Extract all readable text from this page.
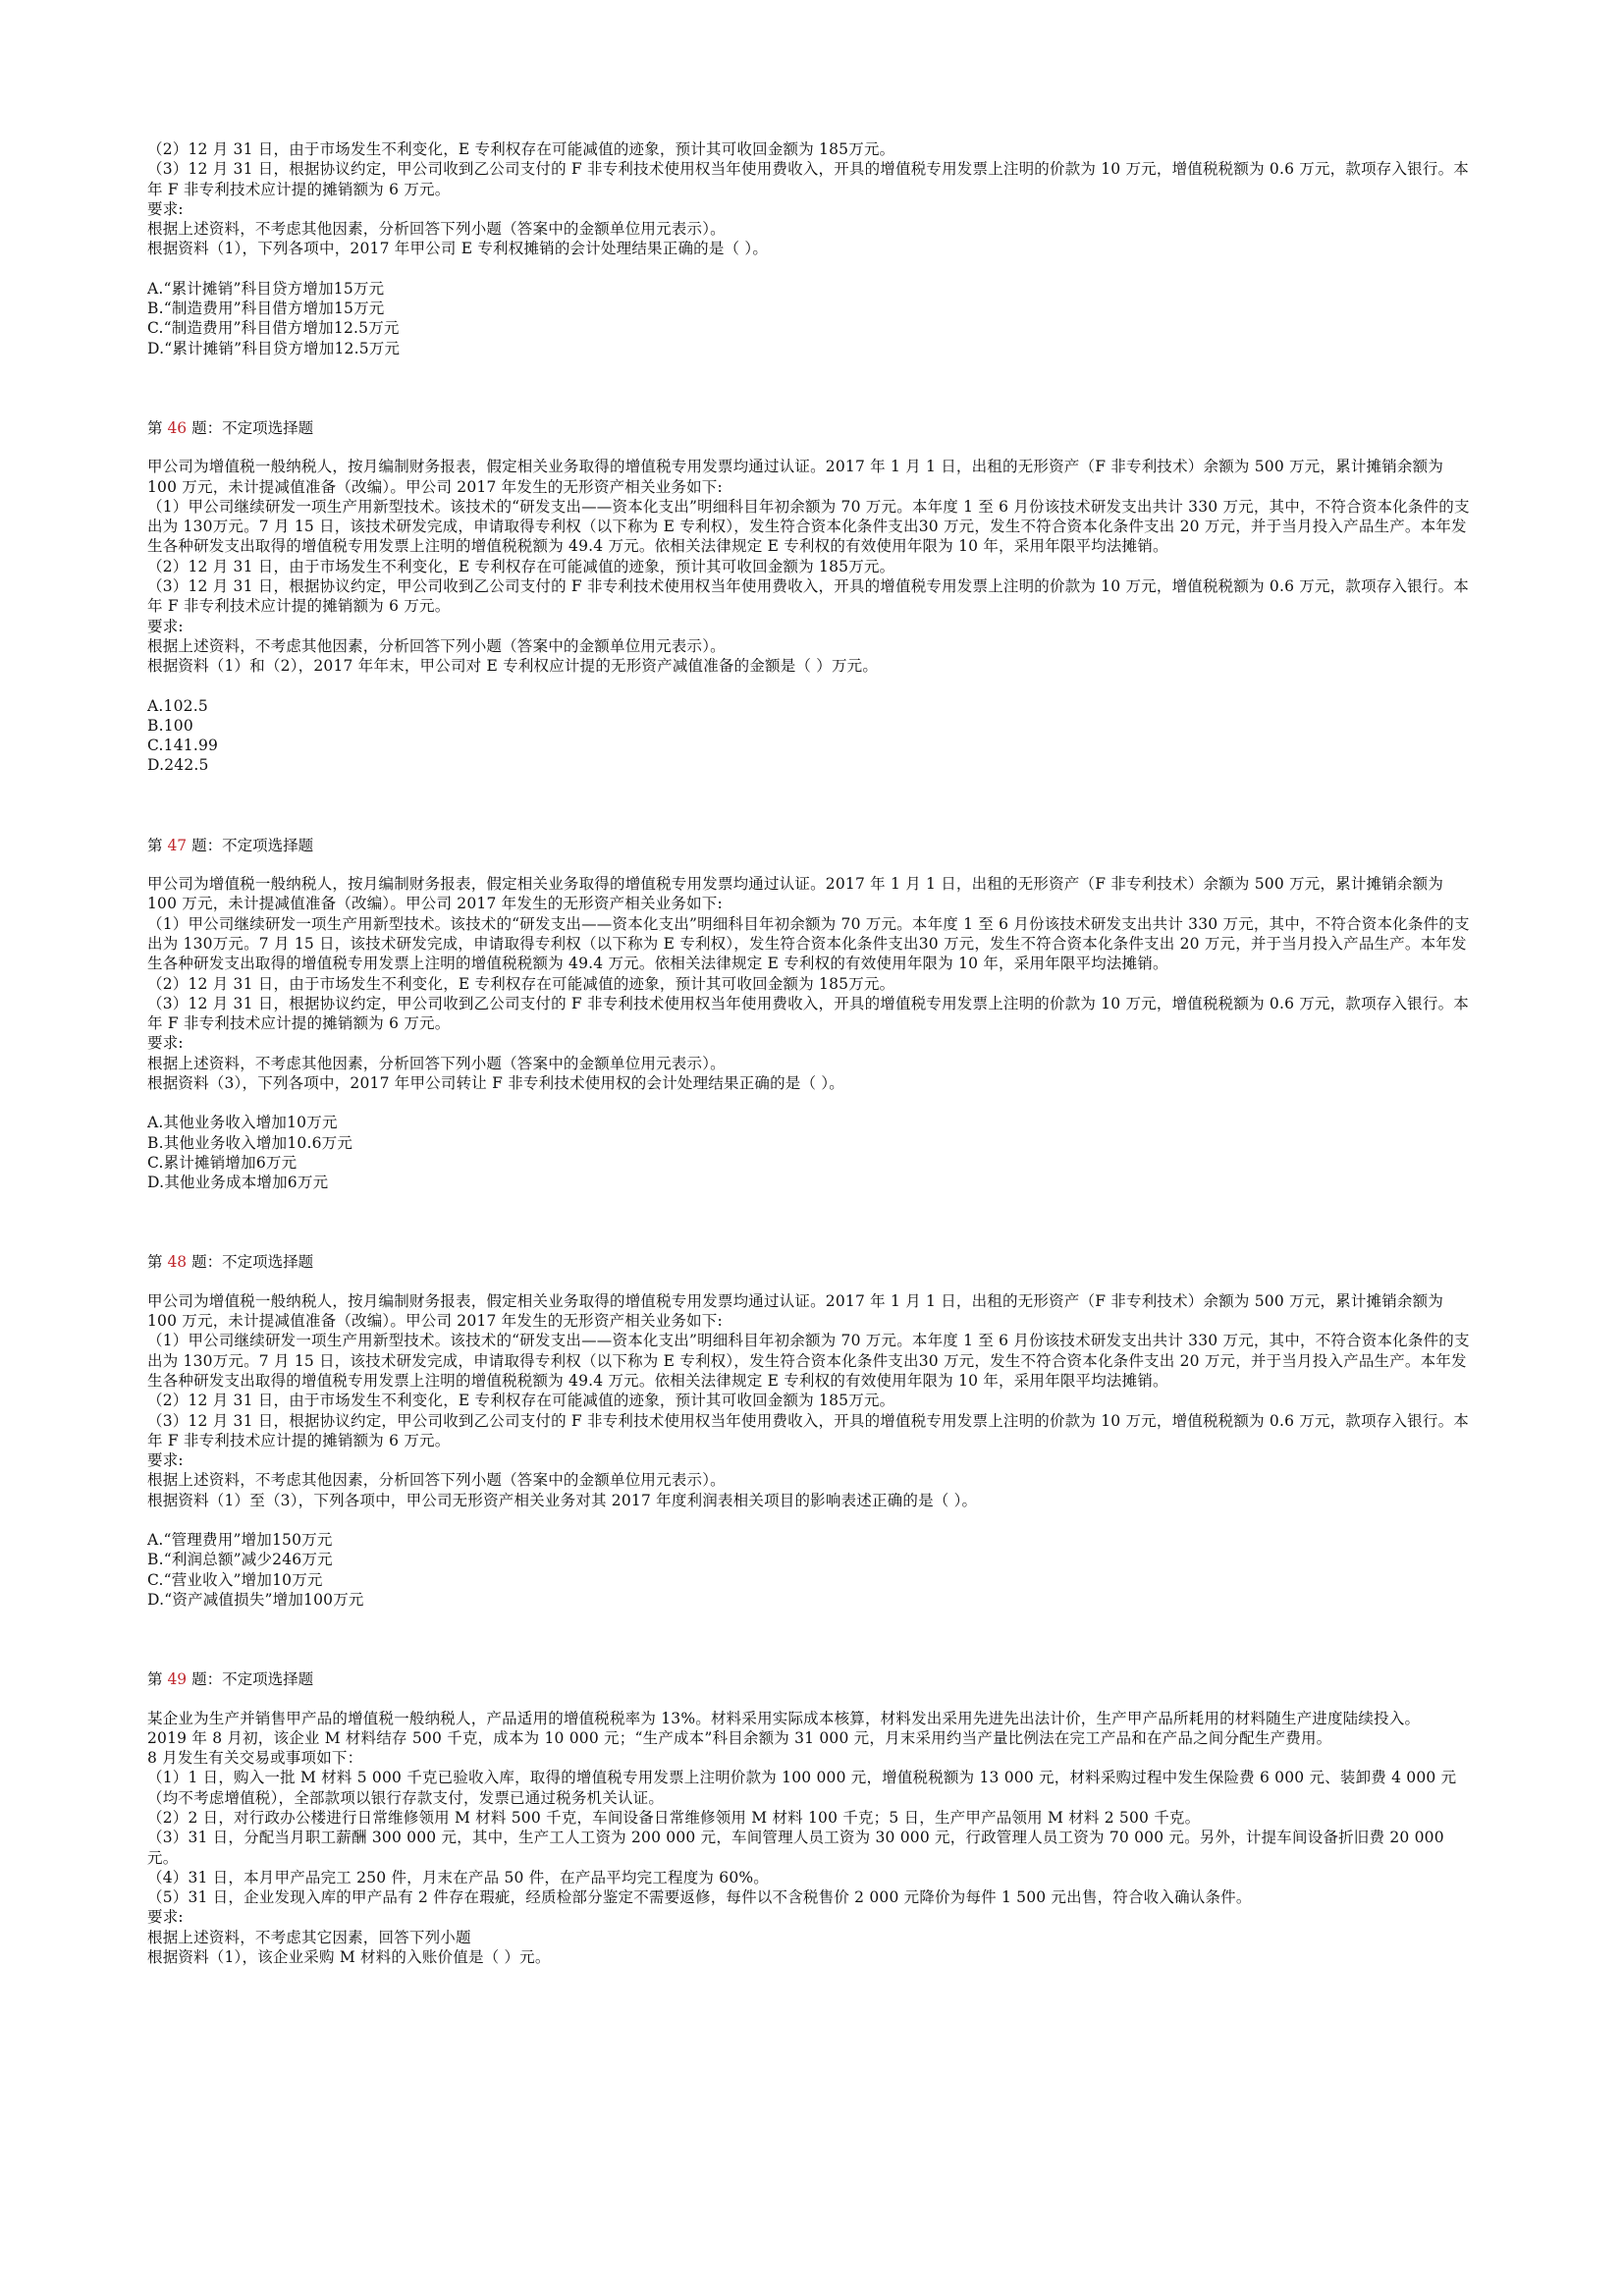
（2）12 月 31 日，由于市场发生不利变化，E 专利权存在可能减值的迹象，预计其可收回金额为 185万元。

（3）12 月 31 日，根据协议约定，甲公司收到乙公司支付的 F 非专利技术使用权当年使用费收入，开具的增值税专用发票上注明的价款为 10 万元，增值税税额为 0.6 万元，款项存入银行。本年 F 非专利技术应计提的摊销额为 6 万元。

要求:

根据上述资料，不考虑其他因素，分析回答下列小题（答案中的金额单位用元表示）。

根据资料（1），下列各项中，2017 年甲公司 E 专利权摊销的会计处理结果正确的是（ ）。

A.“累计摊销”科目贷方增加15万元

B.“制造费用”科目借方增加15万元

C.“制造费用”科目借方增加12.5万元

D.“累计摊销”科目贷方增加12.5万元

第 46 题：不定项选择题

甲公司为增值税一般纳税人，按月编制财务报表，假定相关业务取得的增值税专用发票均通过认证。2017 年 1 月 1 日，出租的无形资产（F 非专利技术）余额为 500 万元，累计摊销余额为 100 万元，未计提减值准备（改编）。甲公司 2017 年发生的无形资产相关业务如下:

（1）甲公司继续研发一项生产用新型技术。该技术的“研发支出——资本化支出”明细科目年初余额为 70 万元。本年度 1 至 6 月份该技术研发支出共计 330 万元，其中，不符合资本化条件的支出为 130万元。7 月 15 日，该技术研发完成，申请取得专利权（以下称为 E 专利权），发生符合资本化条件支出30 万元，发生不符合资本化条件支出 20 万元，并于当月投入产品生产。本年发生各种研发支出取得的增值税专用发票上注明的增值税税额为 49.4 万元。依相关法律规定 E 专利权的有效使用年限为 10 年，采用年限平均法摊销。

（2）12 月 31 日，由于市场发生不利变化，E 专利权存在可能减值的迹象，预计其可收回金额为 185万元。

（3）12 月 31 日，根据协议约定，甲公司收到乙公司支付的 F 非专利技术使用权当年使用费收入，开具的增值税专用发票上注明的价款为 10 万元，增值税税额为 0.6 万元，款项存入银行。本年 F 非专利技术应计提的摊销额为 6 万元。

要求:

根据上述资料，不考虑其他因素，分析回答下列小题（答案中的金额单位用元表示）。

根据资料（1）和（2），2017 年年末，甲公司对 E 专利权应计提的无形资产减值准备的金额是（ ）万元。

A.102.5

B.100

C.141.99

D.242.5

第 47 题：不定项选择题

甲公司为增值税一般纳税人，按月编制财务报表，假定相关业务取得的增值税专用发票均通过认证。2017 年 1 月 1 日，出租的无形资产（F 非专利技术）余额为 500 万元，累计摊销余额为 100 万元，未计提减值准备（改编）。甲公司 2017 年发生的无形资产相关业务如下:

（1）甲公司继续研发一项生产用新型技术。该技术的“研发支出——资本化支出”明细科目年初余额为 70 万元。本年度 1 至 6 月份该技术研发支出共计 330 万元，其中，不符合资本化条件的支出为 130万元。7 月 15 日，该技术研发完成，申请取得专利权（以下称为 E 专利权），发生符合资本化条件支出30 万元，发生不符合资本化条件支出 20 万元，并于当月投入产品生产。本年发生各种研发支出取得的增值税专用发票上注明的增值税税额为 49.4 万元。依相关法律规定 E 专利权的有效使用年限为 10 年，采用年限平均法摊销。

（2）12 月 31 日，由于市场发生不利变化，E 专利权存在可能减值的迹象，预计其可收回金额为 185万元。

（3）12 月 31 日，根据协议约定，甲公司收到乙公司支付的 F 非专利技术使用权当年使用费收入，开具的增值税专用发票上注明的价款为 10 万元，增值税税额为 0.6 万元，款项存入银行。本年 F 非专利技术应计提的摊销额为 6 万元。

要求:

根据上述资料，不考虑其他因素，分析回答下列小题（答案中的金额单位用元表示）。

根据资料（3），下列各项中，2017 年甲公司转让 F 非专利技术使用权的会计处理结果正确的是（ ）。

A.其他业务收入增加10万元

B.其他业务收入增加10.6万元

C.累计摊销增加6万元

D.其他业务成本增加6万元

第 48 题：不定项选择题

甲公司为增值税一般纳税人，按月编制财务报表，假定相关业务取得的增值税专用发票均通过认证。2017 年 1 月 1 日，出租的无形资产（F 非专利技术）余额为 500 万元，累计摊销余额为 100 万元，未计提减值准备（改编）。甲公司 2017 年发生的无形资产相关业务如下:

（1）甲公司继续研发一项生产用新型技术。该技术的“研发支出——资本化支出”明细科目年初余额为 70 万元。本年度 1 至 6 月份该技术研发支出共计 330 万元，其中，不符合资本化条件的支出为 130万元。7 月 15 日，该技术研发完成，申请取得专利权（以下称为 E 专利权），发生符合资本化条件支出30 万元，发生不符合资本化条件支出 20 万元，并于当月投入产品生产。本年发生各种研发支出取得的增值税专用发票上注明的增值税税额为 49.4 万元。依相关法律规定 E 专利权的有效使用年限为 10 年，采用年限平均法摊销。

（2）12 月 31 日，由于市场发生不利变化，E 专利权存在可能减值的迹象，预计其可收回金额为 185万元。

（3）12 月 31 日，根据协议约定，甲公司收到乙公司支付的 F 非专利技术使用权当年使用费收入，开具的增值税专用发票上注明的价款为 10 万元，增值税税额为 0.6 万元，款项存入银行。本年 F 非专利技术应计提的摊销额为 6 万元。

要求:

根据上述资料，不考虑其他因素，分析回答下列小题（答案中的金额单位用元表示）。

根据资料（1）至（3），下列各项中，甲公司无形资产相关业务对其 2017 年度利润表相关项目的影响表述正确的是（ ）。

A.“管理费用”增加150万元

B.“利润总额”减少246万元

C.“营业收入”增加10万元

D.“资产减值损失”增加100万元

第 49 题：不定项选择题

某企业为生产并销售甲产品的增值税一般纳税人，产品适用的增值税税率为 13%。材料采用实际成本核算，材料发出采用先进先出法计价，生产甲产品所耗用的材料随生产进度陆续投入。

2019 年 8 月初，该企业 M 材料结存 500 千克，成本为 10 000 元；“生产成本”科目余额为 31 000 元，月末采用约当产量比例法在完工产品和在产品之间分配生产费用。

8 月发生有关交易或事项如下：

（1）1 日，购入一批 M 材料 5 000 千克已验收入库，取得的增值税专用发票上注明价款为 100 000 元，增值税税额为 13 000 元，材料采购过程中发生保险费 6 000 元、装卸费 4 000 元（均不考虑增值税），全部款项以银行存款支付，发票已通过税务机关认证。

（2）2 日，对行政办公楼进行日常维修领用 M 材料 500 千克，车间设备日常维修领用 M 材料 100 千克；5 日，生产甲产品领用 M 材料 2 500 千克。

（3）31 日，分配当月职工薪酬 300 000 元，其中，生产工人工资为 200 000 元，车间管理人员工资为 30 000 元，行政管理人员工资为 70 000 元。另外，计提车间设备折旧费 20 000 元。

（4）31 日，本月甲产品完工 250 件，月末在产品 50 件，在产品平均完工程度为 60%。

（5）31 日，企业发现入库的甲产品有 2 件存在瑕疵，经质检部分鉴定不需要返修，每件以不含税售价 2 000 元降价为每件 1 500 元出售，符合收入确认条件。

要求:

根据上述资料，不考虑其它因素，回答下列小题

根据资料（1），该企业采购 M 材料的入账价值是（ ）元。
